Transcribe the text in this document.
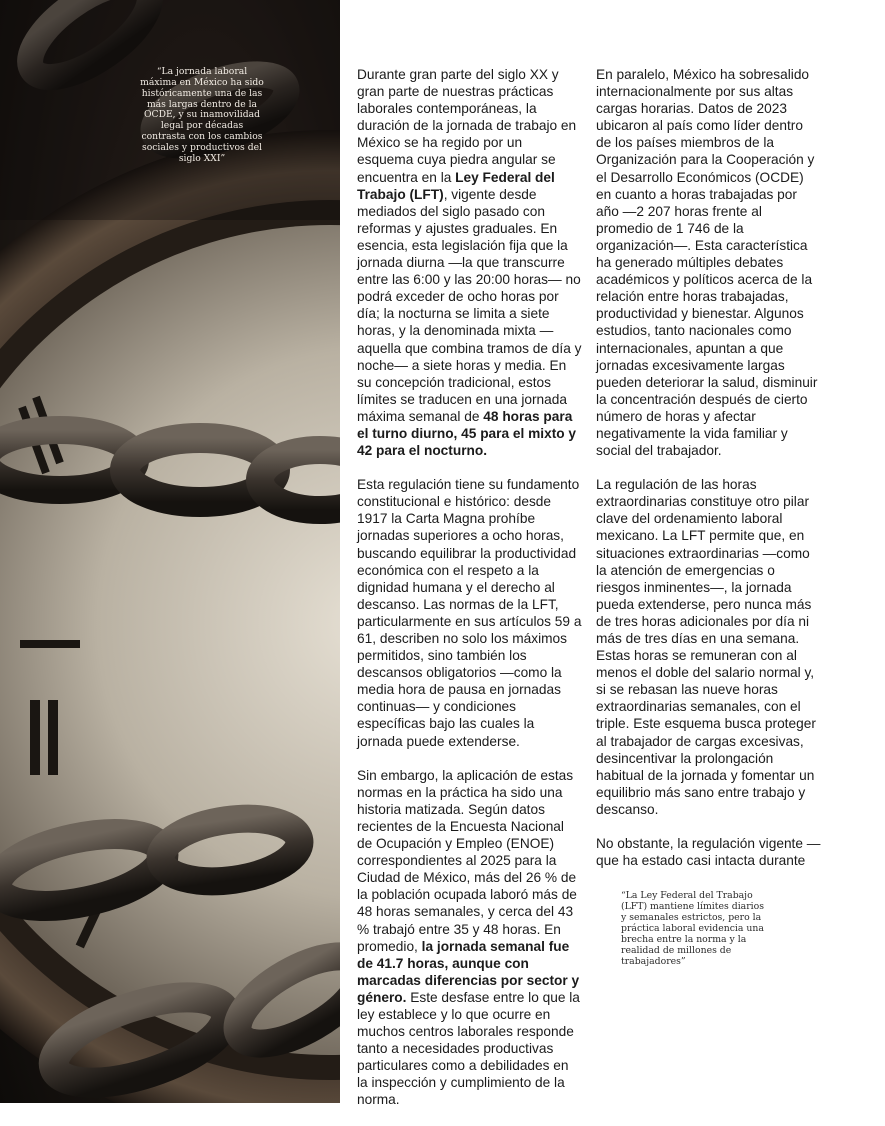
“La jornada laboral máxima en México ha sido históricamente una de las más largas dentro de la OCDE, y su inamovilidad legal por décadas contrasta con los cambios sociales y productivos del siglo XXI”

Durante gran parte del siglo XX y gran parte de nuestras prácticas laborales contemporáneas, la duración de la jornada de trabajo en México se ha regido por un esquema cuya piedra angular se encuentra en la Ley Federal del Trabajo (LFT), vigente desde mediados del siglo pasado con reformas y ajustes graduales. En esencia, esta legislación fija que la jornada diurna —la que transcurre entre las 6:00 y las 20:00 horas— no podrá exceder de ocho horas por día; la nocturna se limita a siete horas, y la denominada mixta —aquella que combina tramos de día y noche— a siete horas y media. En su concepción tradicional, estos límites se traducen en una jornada máxima semanal de 48 horas para el turno diurno, 45 para el mixto y 42 para el nocturno.

Esta regulación tiene su fundamento constitucional e histórico: desde 1917 la Carta Magna prohíbe jornadas superiores a ocho horas, buscando equilibrar la productividad económica con el respeto a la dignidad humana y el derecho al descanso. Las normas de la LFT, particularmente en sus artículos 59 a 61, describen no solo los máximos permitidos, sino también los descansos obligatorios —como la media hora de pausa en jornadas continuas— y condiciones específicas bajo las cuales la jornada puede extenderse.

Sin embargo, la aplicación de estas normas en la práctica ha sido una historia matizada. Según datos recientes de la Encuesta Nacional de Ocupación y Empleo (ENOE) correspondientes al 2025 para la Ciudad de México, más del 26 % de la población ocupada laboró más de 48 horas semanales, y cerca del 43 % trabajó entre 35 y 48 horas. En promedio, la jornada semanal fue de 41.7 horas, aunque con marcadas diferencias por sector y género. Este desfase entre lo que la ley establece y lo que ocurre en muchos centros laborales responde tanto a necesidades productivas particulares como a debilidades en la inspección y cumplimiento de la norma.

En paralelo, México ha sobresalido internacionalmente por sus altas cargas horarias. Datos de 2023 ubicaron al país como líder dentro de los países miembros de la Organización para la Cooperación y el Desarrollo Económicos (OCDE) en cuanto a horas trabajadas por año —2 207 horas frente al promedio de 1 746 de la organización—. Esta característica ha generado múltiples debates académicos y políticos acerca de la relación entre horas trabajadas, productividad y bienestar. Algunos estudios, tanto nacionales como internacionales, apuntan a que jornadas excesivamente largas pueden deteriorar la salud, disminuir la concentración después de cierto número de horas y afectar negativamente la vida familiar y social del trabajador.

La regulación de las horas extraordinarias constituye otro pilar clave del ordenamiento laboral mexicano. La LFT permite que, en situaciones extraordinarias —como la atención de emergencias o riesgos inminentes—, la jornada pueda extenderse, pero nunca más de tres horas adicionales por día ni más de tres días en una semana. Estas horas se remuneran con al menos el doble del salario normal y, si se rebasan las nueve horas extraordinarias semanales, con el triple. Este esquema busca proteger al trabajador de cargas excesivas, desincentivar la prolongación habitual de la jornada y fomentar un equilibrio más sano entre trabajo y descanso.

No obstante, la regulación vigente —que ha estado casi intacta durante

“La Ley Federal del Trabajo (LFT) mantiene límites diarios y semanales estrictos, pero la práctica laboral evidencia una brecha entre la norma y la realidad de millones de trabajadores”
